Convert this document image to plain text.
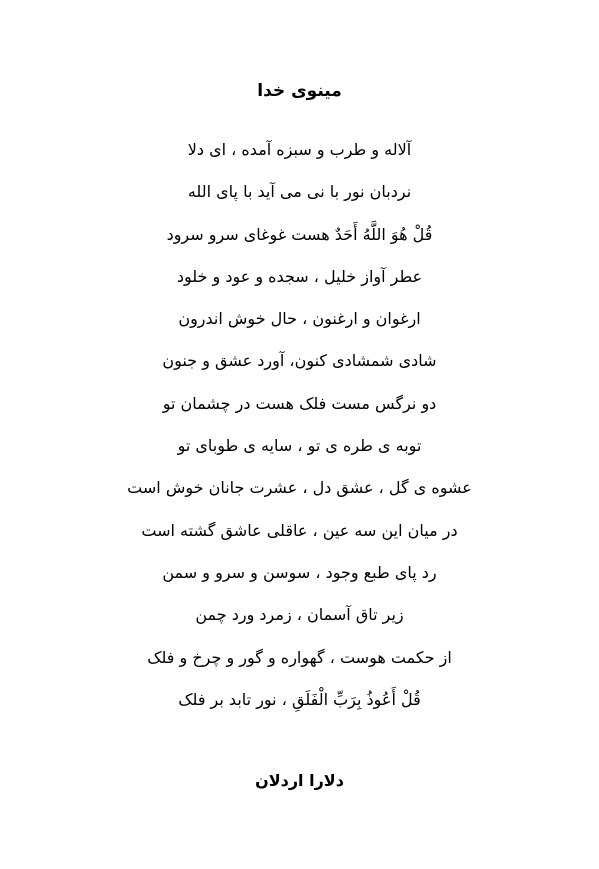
مینوی خدا
آلاله و طرب و سبزه آمده ، ای دلا
نردبان نور با نی می آید با پای الله
قُلْ هُوَ اللَّهُ أَحَدٌ هست غوغای سرو سرود
عطر آواز خلیل ، سجده و عود و خلود
ارغوان و ارغنون ، حال خوش اندرون
شادی شمشادی کنون، آورد عشق و جنون
دو نرگس مست فلک هست در چشمان تو
توبه ی طره ی تو ، سایه ی طوبای تو
عشوه ی گل ، عشق دل ، عشرت جانان خوش است
در میان این سه عین ، عاقلی عاشق گشته است
رد پای طبع وجود ، سوسن و سرو و سمن
زیر تاق آسمان ، زمرد ورد چمن
از حکمت هوست ، گهواره و گور و چرخ و فلک
قُلْ أَعُوذُ بِرَبِّ الْفَلَقِ ، نور تابد بر فلک
دلارا اردلان
